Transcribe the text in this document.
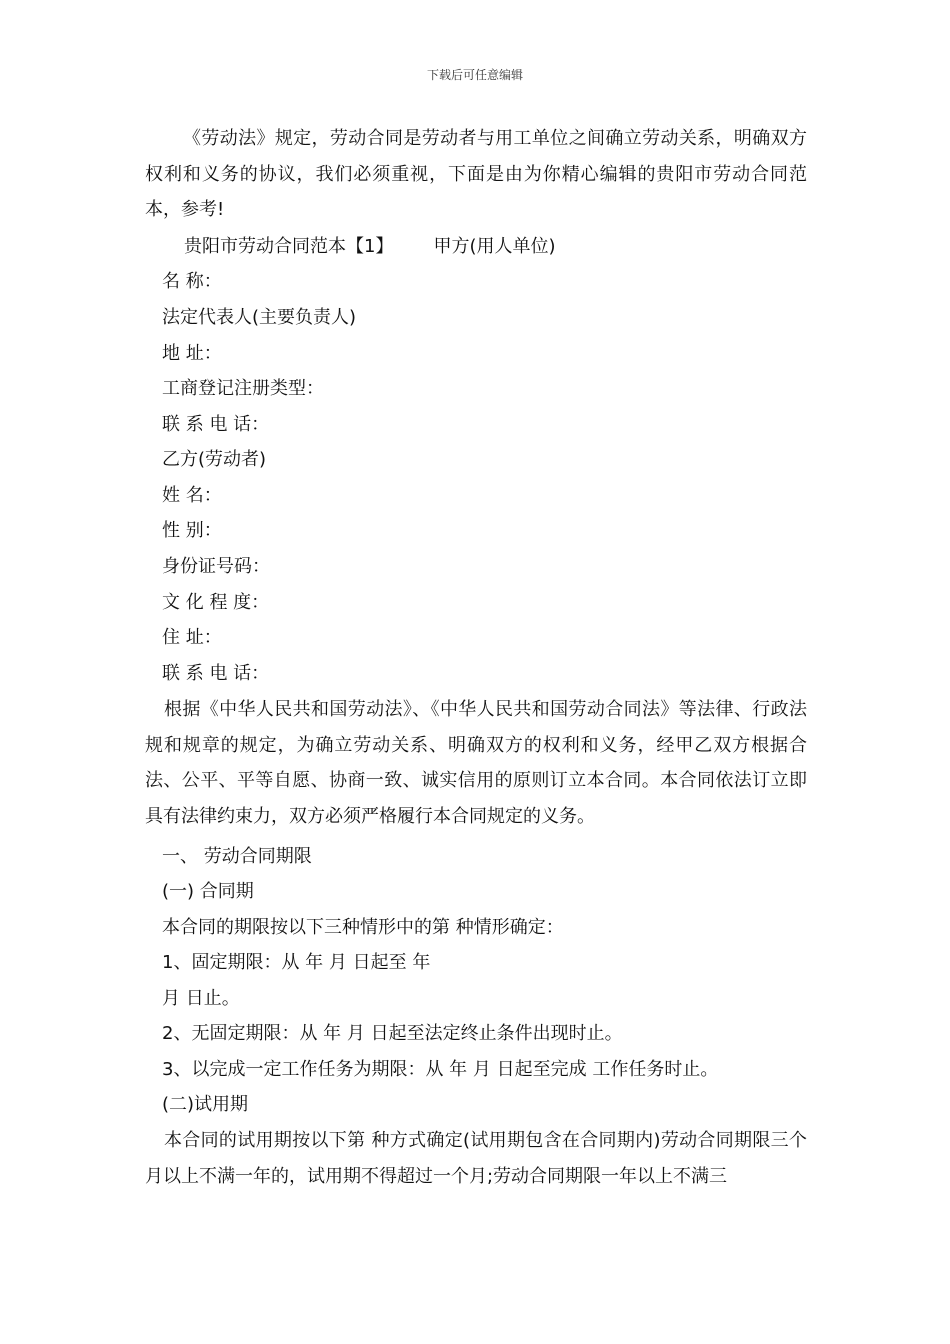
下载后可任意编辑
《劳动法》规定，劳动合同是劳动者与用工单位之间确立劳动关系，明确双方权利和义务的协议，我们必须重视，下面是由为你精心编辑的贵阳市劳动合同范本，参考!
贵阳市劳动合同范本【1】 甲方(用人单位)
名 称：
法定代表人(主要负责人)
地 址：
工商登记注册类型：
联 系 电 话：
乙方(劳动者)
姓 名：
性 别：
身份证号码：
文 化 程 度：
住 址：
联 系 电 话：
根据《中华人民共和国劳动法》、《中华人民共和国劳动合同法》等法律、行政法规和规章的规定，为确立劳动关系、明确双方的权利和义务，经甲乙双方根据合法、公平、平等自愿、协商一致、诚实信用的原则订立本合同。本合同依法订立即具有法律约束力，双方必须严格履行本合同规定的义务。
一、 劳动合同期限
(一) 合同期
本合同的期限按以下三种情形中的第 种情形确定：
1、固定期限：从 年 月 日起至 年
月 日止。
2、无固定期限：从 年 月 日起至法定终止条件出现时止。
3、以完成一定工作任务为期限：从 年 月 日起至完成 工作任务时止。
(二)试用期
本合同的试用期按以下第 种方式确定(试用期包含在合同期内)劳动合同期限三个月以上不满一年的，试用期不得超过一个月;劳动合同期限一年以上不满三
